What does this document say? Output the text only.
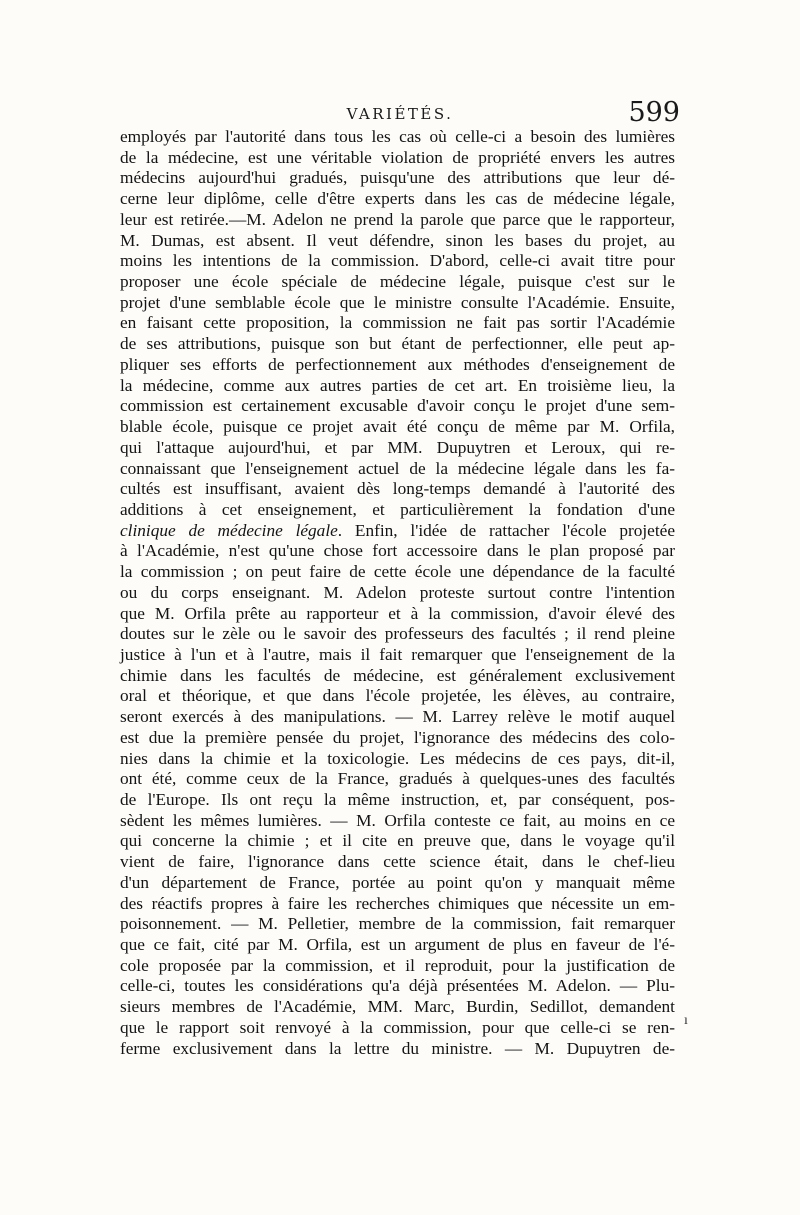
VARIÉTÉS.	599
employés par l'autorité dans tous les cas où celle-ci a besoin des lumières
de la médecine, est une véritable violation de propriété envers les autres
médecins aujourd'hui gradués, puisqu'une des attributions que leur dé-
cerne leur diplôme, celle d'être experts dans les cas de médecine légale,
leur est retirée.—M. Adelon ne prend la parole que parce que le rapporteur,
M. Dumas, est absent. Il veut défendre, sinon les bases du projet, au
moins les intentions de la commission. D'abord, celle-ci avait titre pour
proposer une école spéciale de médecine légale, puisque c'est sur le
projet d'une semblable école que le ministre consulte l'Académie. Ensuite,
en faisant cette proposition, la commission ne fait pas sortir l'Académie
de ses attributions, puisque son but étant de perfectionner, elle peut ap-
pliquer ses efforts de perfectionnement aux méthodes d'enseignement de
la médecine, comme aux autres parties de cet art. En troisième lieu, la
commission est certainement excusable d'avoir conçu le projet d'une sem-
blable école, puisque ce projet avait été conçu de même par M. Orfila,
qui l'attaque aujourd'hui, et par MM. Dupuytren et Leroux, qui re-
connaissant que l'enseignement actuel de la médecine légale dans les fa-
cultés est insuffisant, avaient dès long-temps demandé à l'autorité des
additions à cet enseignement, et particulièrement la fondation d'une
clinique de médecine légale. Enfin, l'idée de rattacher l'école projetée
à l'Académie, n'est qu'une chose fort accessoire dans le plan proposé par
la commission ; on peut faire de cette école une dépendance de la faculté
ou du corps enseignant. M. Adelon proteste surtout contre l'intention
que M. Orfila prête au rapporteur et à la commission, d'avoir élevé des
doutes sur le zèle ou le savoir des professeurs des facultés ; il rend pleine
justice à l'un et à l'autre, mais il fait remarquer que l'enseignement de la
chimie dans les facultés de médecine, est généralement exclusivement
oral et théorique, et que dans l'école projetée, les élèves, au contraire,
seront exercés à des manipulations. — M. Larrey relève le motif auquel
est due la première pensée du projet, l'ignorance des médecins des colo-
nies dans la chimie et la toxicologie. Les médecins de ces pays, dit-il,
ont été, comme ceux de la France, gradués à quelques-unes des facultés
de l'Europe. Ils ont reçu la même instruction, et, par conséquent, pos-
sèdent les mêmes lumières. — M. Orfila conteste ce fait, au moins en ce
qui concerne la chimie ; et il cite en preuve que, dans le voyage qu'il
vient de faire, l'ignorance dans cette science était, dans le chef-lieu
d'un département de France, portée au point qu'on y manquait même
des réactifs propres à faire les recherches chimiques que nécessite un em-
poisonnement. — M. Pelletier, membre de la commission, fait remarquer
que ce fait, cité par M. Orfila, est un argument de plus en faveur de l'é-
cole proposée par la commission, et il reproduit, pour la justification de
celle-ci, toutes les considérations qu'a déjà présentées M. Adelon. — Plu-
sieurs membres de l'Académie, MM. Marc, Burdin, Sedillot, demandent
que le rapport soit renvoyé à la commission, pour que celle-ci se ren-
ferme exclusivement dans la lettre du ministre. — M. Dupuytren de-
ı
